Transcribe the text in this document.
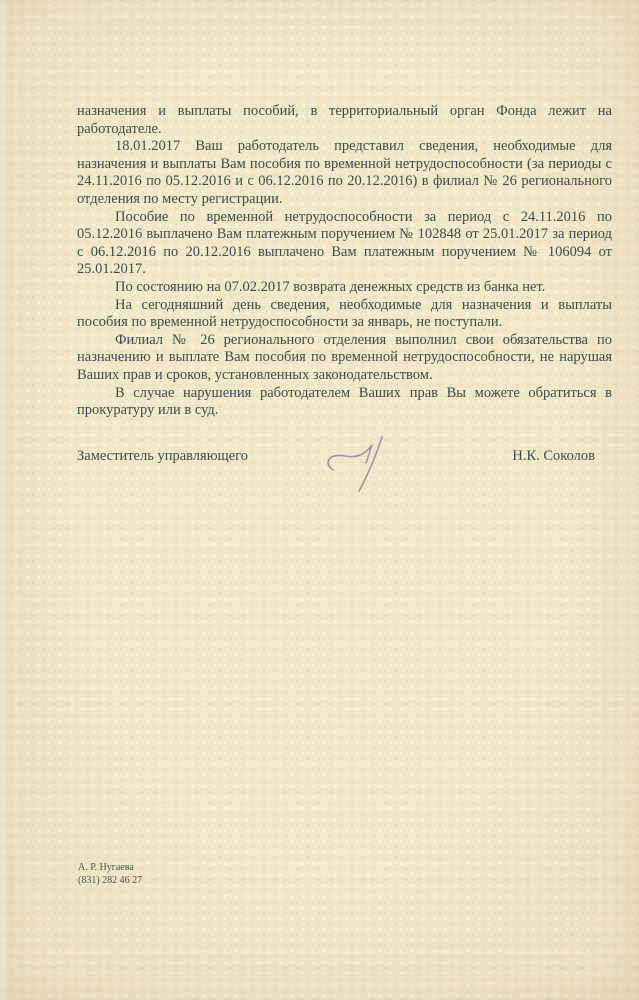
назначения и выплаты пособий, в территориальный орган Фонда лежит на работодателе.

18.01.2017 Ваш работодатель представил сведения, необходимые для назначения и выплаты Вам пособия по временной нетрудоспособности (за периоды с 24.11.2016 по 05.12.2016 и с 06.12.2016 по 20.12.2016) в филиал № 26 регионального отделения по месту регистрации.

Пособие по временной нетрудоспособности за период с 24.11.2016 по 05.12.2016 выплачено Вам платежным поручением № 102848 от 25.01.2017 за период с 06.12.2016 по 20.12.2016 выплачено Вам платежным поручением № 106094 от 25.01.2017.

По состоянию на 07.02.2017 возврата денежных средств из банка нет.

На сегодняшний день сведения, необходимые для назначения и выплаты пособия по временной нетрудоспособности за январь, не поступали.

Филиал № 26 регионального отделения выполнил свои обязательства по назначению и выплате Вам пособия по временной нетрудоспособности, не нарушая Ваших прав и сроков, установленных законодательством.

В случае нарушения работодателем Ваших прав Вы можете обратиться в прокуратуру или в суд.

Заместитель управляющего	Н.К. Соколов
А. Р. Нугаева
(831) 282 46 27
